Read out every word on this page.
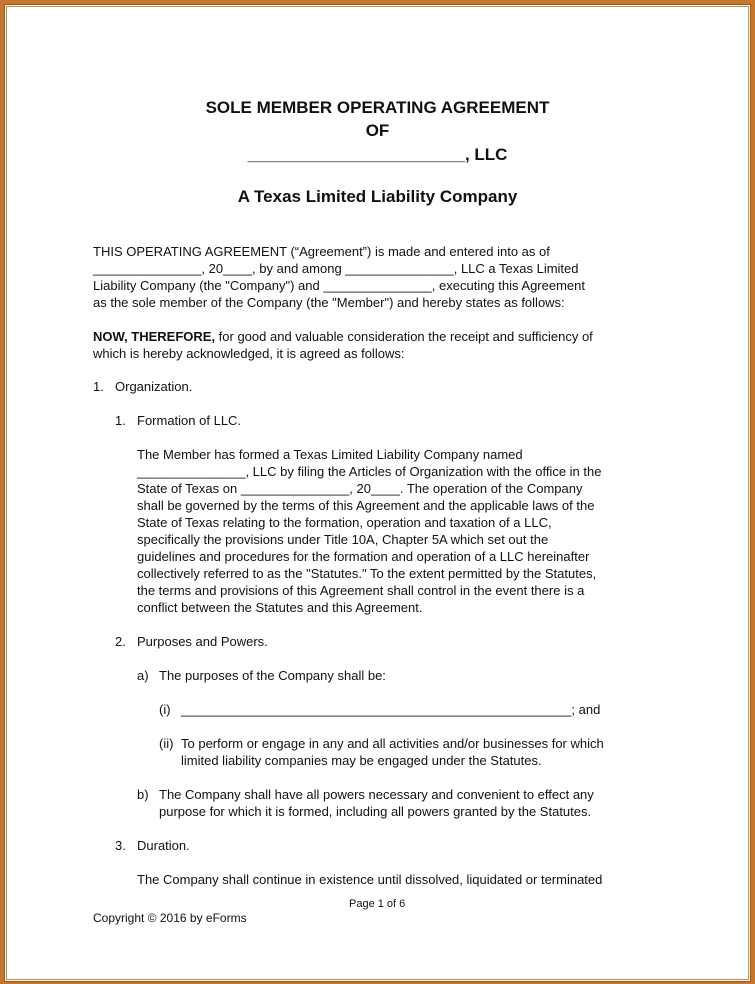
SOLE MEMBER OPERATING AGREEMENT
OF
_______________________, LLC
A Texas Limited Liability Company
THIS OPERATING AGREEMENT (“Agreement”) is made and entered into as of
_______________, 20____, by and among _______________, LLC a Texas Limited
Liability Company (the "Company") and _______________, executing this Agreement
as the sole member of the Company (the "Member") and hereby states as follows:
NOW, THEREFORE, for good and valuable consideration the receipt and sufficiency of
which is hereby acknowledged, it is agreed as follows:
1. Organization.
1. Formation of LLC.
The Member has formed a Texas Limited Liability Company named
_______________, LLC by filing the Articles of Organization with the office in the
State of Texas on _______________, 20____. The operation of the Company
shall be governed by the terms of this Agreement and the applicable laws of the
State of Texas relating to the formation, operation and taxation of a LLC,
specifically the provisions under Title 10A, Chapter 5A which set out the
guidelines and procedures for the formation and operation of a LLC hereinafter
collectively referred to as the "Statutes." To the extent permitted by the Statutes,
the terms and provisions of this Agreement shall control in the event there is a
conflict between the Statutes and this Agreement.
2. Purposes and Powers.
a) The purposes of the Company shall be:
(i) ______________________________________________________; and
(ii) To perform or engage in any and all activities and/or businesses for which
limited liability companies may be engaged under the Statutes.
b) The Company shall have all powers necessary and convenient to effect any
purpose for which it is formed, including all powers granted by the Statutes.
3. Duration.
The Company shall continue in existence until dissolved, liquidated or terminated
Page 1 of 6
Copyright © 2016 by eForms
